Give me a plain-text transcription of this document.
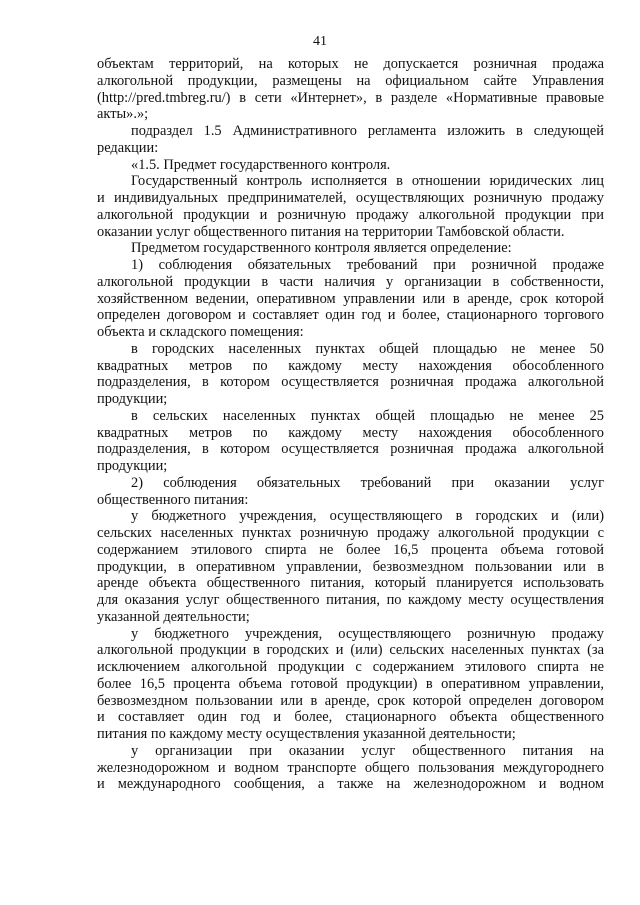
41
объектам территорий, на которых не допускается розничная продажа
алкогольной продукции, размещены на официальном сайте Управления
(http://pred.tmbreg.ru/) в сети «Интернет», в разделе «Нормативные правовые
акты».»;
подраздел 1.5 Административного регламента изложить в следующей
редакции:
«1.5. Предмет государственного контроля.
Государственный контроль исполняется в отношении юридических лиц
и индивидуальных предпринимателей, осуществляющих розничную продажу
алкогольной продукции и розничную продажу алкогольной продукции при
оказании услуг общественного питания на территории Тамбовской области.
Предметом государственного контроля является определение:
1) соблюдения обязательных требований при розничной продаже
алкогольной продукции в части наличия у организации в собственности,
хозяйственном ведении, оперативном управлении или в аренде, срок которой
определен договором и составляет один год и более, стационарного торгового
объекта и складского помещения:
в городских населенных пунктах общей площадью не менее 50
квадратных метров по каждому месту нахождения обособленного
подразделения, в котором осуществляется розничная продажа алкогольной
продукции;
в сельских населенных пунктах общей площадью не менее 25
квадратных метров по каждому месту нахождения обособленного
подразделения, в котором осуществляется розничная продажа алкогольной
продукции;
2) соблюдения обязательных требований при оказании услуг
общественного питания:
у бюджетного учреждения, осуществляющего в городских и (или)
сельских населенных пунктах розничную продажу алкогольной продукции с
содержанием этилового спирта не более 16,5 процента объема готовой
продукции, в оперативном управлении, безвозмездном пользовании или в
аренде объекта общественного питания, который планируется использовать
для оказания услуг общественного питания, по каждому месту осуществления
указанной деятельности;
у бюджетного учреждения, осуществляющего розничную продажу
алкогольной продукции в городских и (или) сельских населенных пунктах (за
исключением алкогольной продукции с содержанием этилового спирта не
более 16,5 процента объема готовой продукции) в оперативном управлении,
безвозмездном пользовании или в аренде, срок которой определен договором
и составляет один год и более, стационарного объекта общественного
питания по каждому месту осуществления указанной деятельности;
у организации при оказании услуг общественного питания на
железнодорожном и водном транспорте общего пользования междугороднего
и международного сообщения, а также на железнодорожном и водном
